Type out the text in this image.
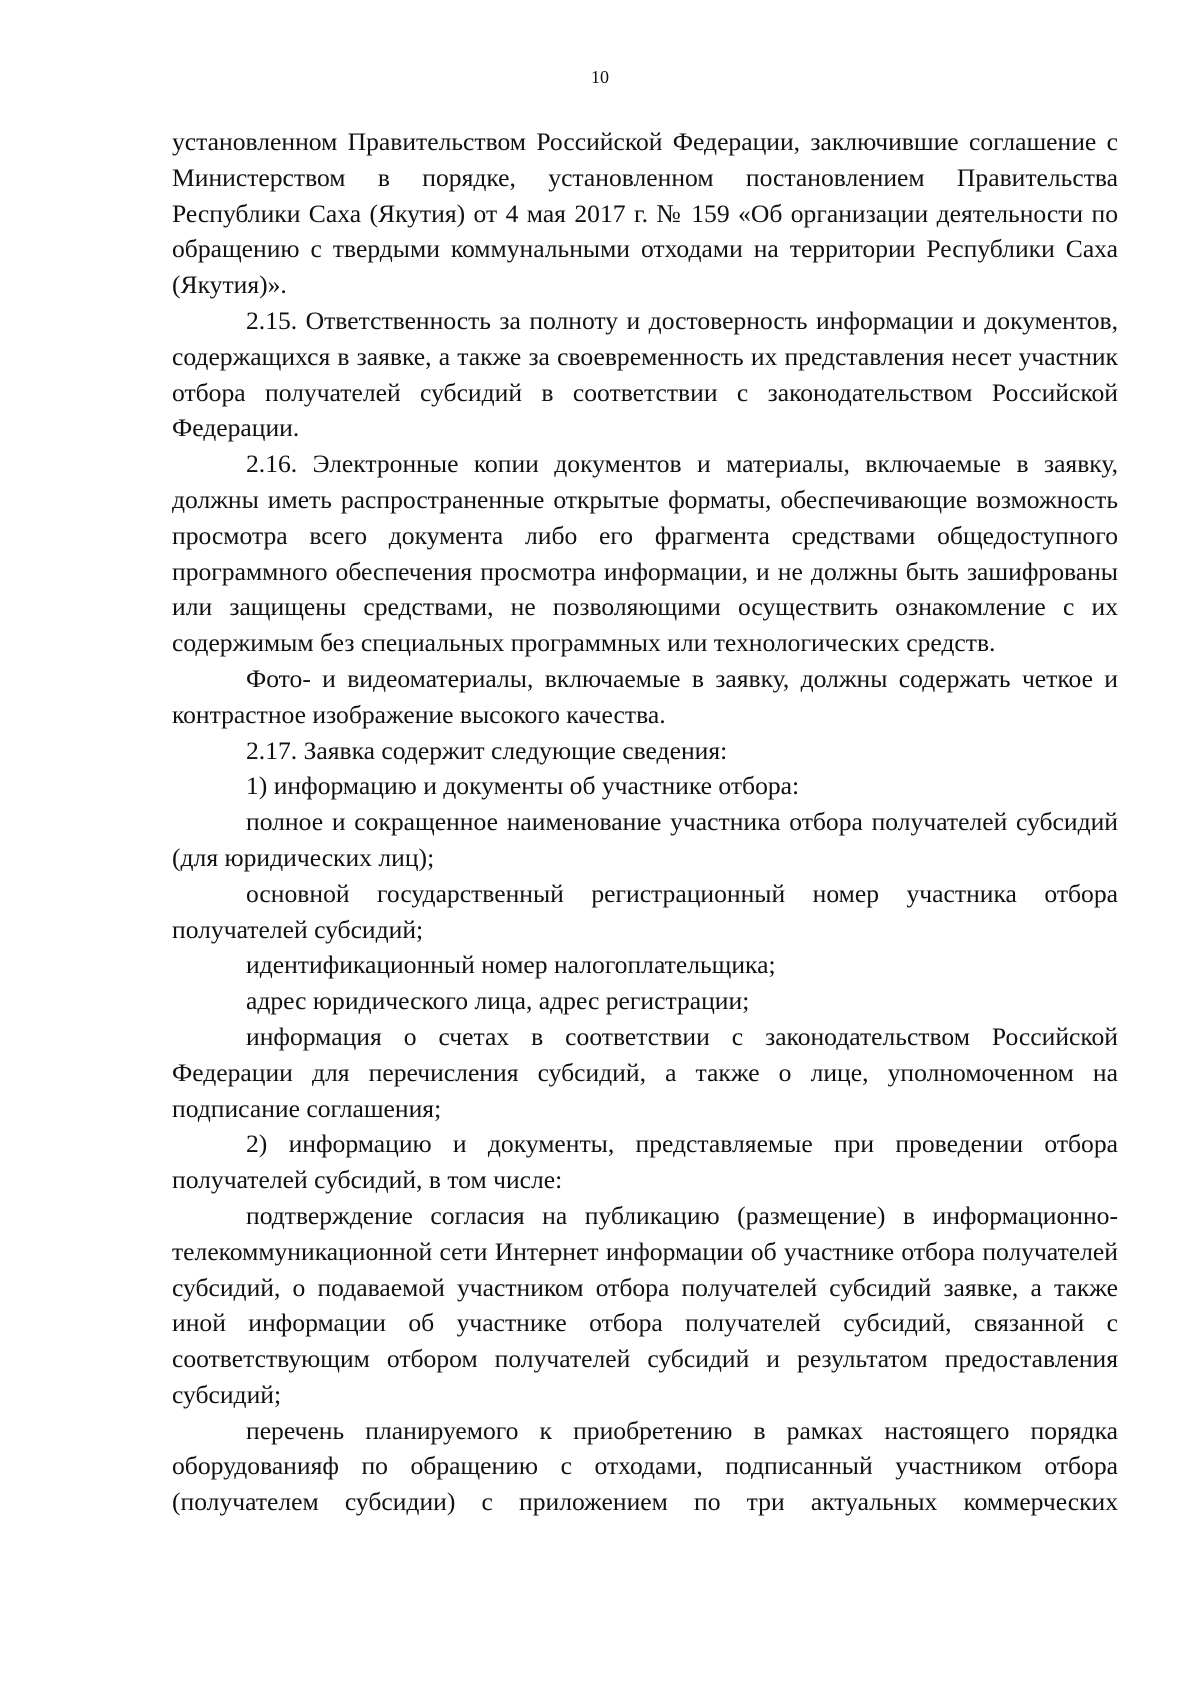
10

установленном Правительством Российской Федерации, заключившие соглашение с Министерством в порядке, установленном постановлением Правительства Республики Саха (Якутия) от 4 мая 2017 г. № 159 «Об организации деятельности по обращению с твердыми коммунальными отходами на территории Республики Саха (Якутия)».

2.15. Ответственность за полноту и достоверность информации и документов, содержащихся в заявке, а также за своевременность их представления несет участник отбора получателей субсидий в соответствии с законодательством Российской Федерации.

2.16. Электронные копии документов и материалы, включаемые в заявку, должны иметь распространенные открытые форматы, обеспечивающие возможность просмотра всего документа либо его фрагмента средствами общедоступного программного обеспечения просмотра информации, и не должны быть зашифрованы или защищены средствами, не позволяющими осуществить ознакомление с их содержимым без специальных программных или технологических средств.

Фото- и видеоматериалы, включаемые в заявку, должны содержать четкое и контрастное изображение высокого качества.

2.17. Заявка содержит следующие сведения:

1) информацию и документы об участнике отбора:

полное и сокращенное наименование участника отбора получателей субсидий (для юридических лиц);

основной государственный регистрационный номер участника отбора получателей субсидий;

идентификационный номер налогоплательщика;

адрес юридического лица, адрес регистрации;

информация о счетах в соответствии с законодательством Российской Федерации для перечисления субсидий, а также о лице, уполномоченном на подписание соглашения;

2) информацию и документы, представляемые при проведении отбора получателей субсидий, в том числе:

подтверждение согласия на публикацию (размещение) в информационно-телекоммуникационной сети Интернет информации об участнике отбора получателей субсидий, о подаваемой участником отбора получателей субсидий заявке, а также иной информации об участнике отбора получателей субсидий, связанной с соответствующим отбором получателей субсидий и результатом предоставления субсидий;

перечень планируемого к приобретению в рамках настоящего порядка оборудованияф по обращению с отходами, подписанный участником отбора (получателем субсидии) с приложением по три актуальных коммерческих
